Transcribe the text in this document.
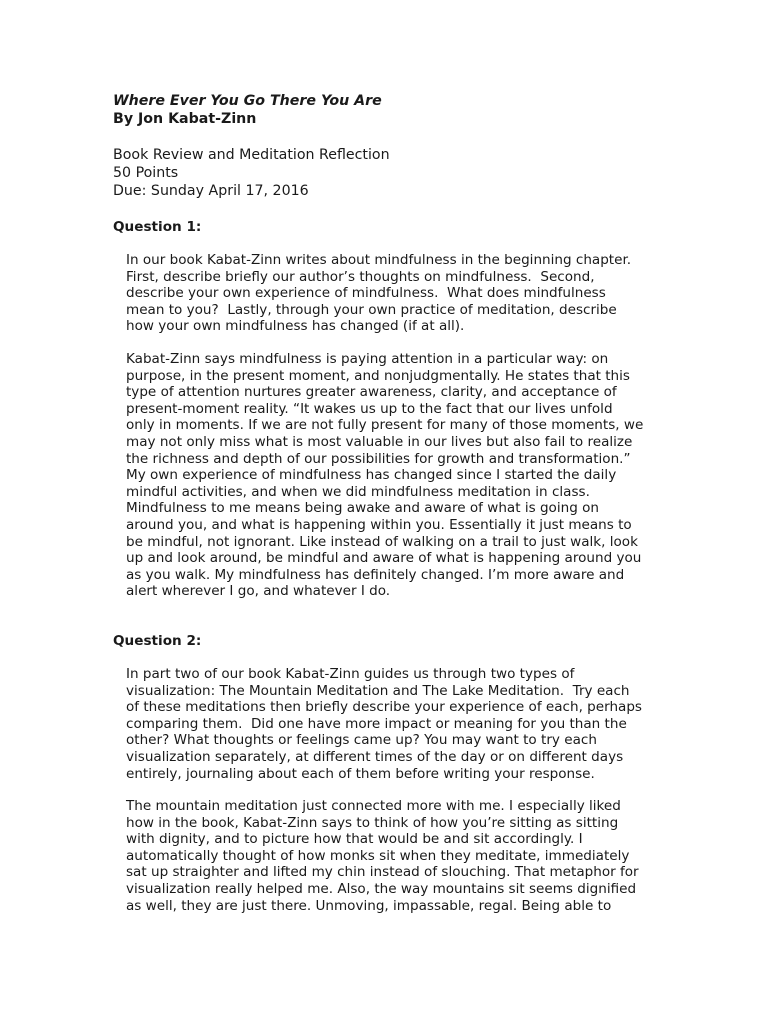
Where Ever You Go There You Are
By Jon Kabat-Zinn
Book Review and Meditation Reflection
50 Points
Due: Sunday April 17, 2016
Question 1:
In our book Kabat-Zinn writes about mindfulness in the beginning chapter.
First, describe briefly our author’s thoughts on mindfulness.  Second,
describe your own experience of mindfulness.  What does mindfulness
mean to you?  Lastly, through your own practice of meditation, describe
how your own mindfulness has changed (if at all).
Kabat-Zinn says mindfulness is paying attention in a particular way: on
purpose, in the present moment, and nonjudgmentally. He states that this
type of attention nurtures greater awareness, clarity, and acceptance of
present-moment reality. “It wakes us up to the fact that our lives unfold
only in moments. If we are not fully present for many of those moments, we
may not only miss what is most valuable in our lives but also fail to realize
the richness and depth of our possibilities for growth and transformation.”
My own experience of mindfulness has changed since I started the daily
mindful activities, and when we did mindfulness meditation in class.
Mindfulness to me means being awake and aware of what is going on
around you, and what is happening within you. Essentially it just means to
be mindful, not ignorant. Like instead of walking on a trail to just walk, look
up and look around, be mindful and aware of what is happening around you
as you walk. My mindfulness has definitely changed. I’m more aware and
alert wherever I go, and whatever I do.
Question 2:
In part two of our book Kabat-Zinn guides us through two types of
visualization: The Mountain Meditation and The Lake Meditation.  Try each
of these meditations then briefly describe your experience of each, perhaps
comparing them.  Did one have more impact or meaning for you than the
other? What thoughts or feelings came up? You may want to try each
visualization separately, at different times of the day or on different days
entirely, journaling about each of them before writing your response.
The mountain meditation just connected more with me. I especially liked
how in the book, Kabat-Zinn says to think of how you’re sitting as sitting
with dignity, and to picture how that would be and sit accordingly. I
automatically thought of how monks sit when they meditate, immediately
sat up straighter and lifted my chin instead of slouching. That metaphor for
visualization really helped me. Also, the way mountains sit seems dignified
as well, they are just there. Unmoving, impassable, regal. Being able to
